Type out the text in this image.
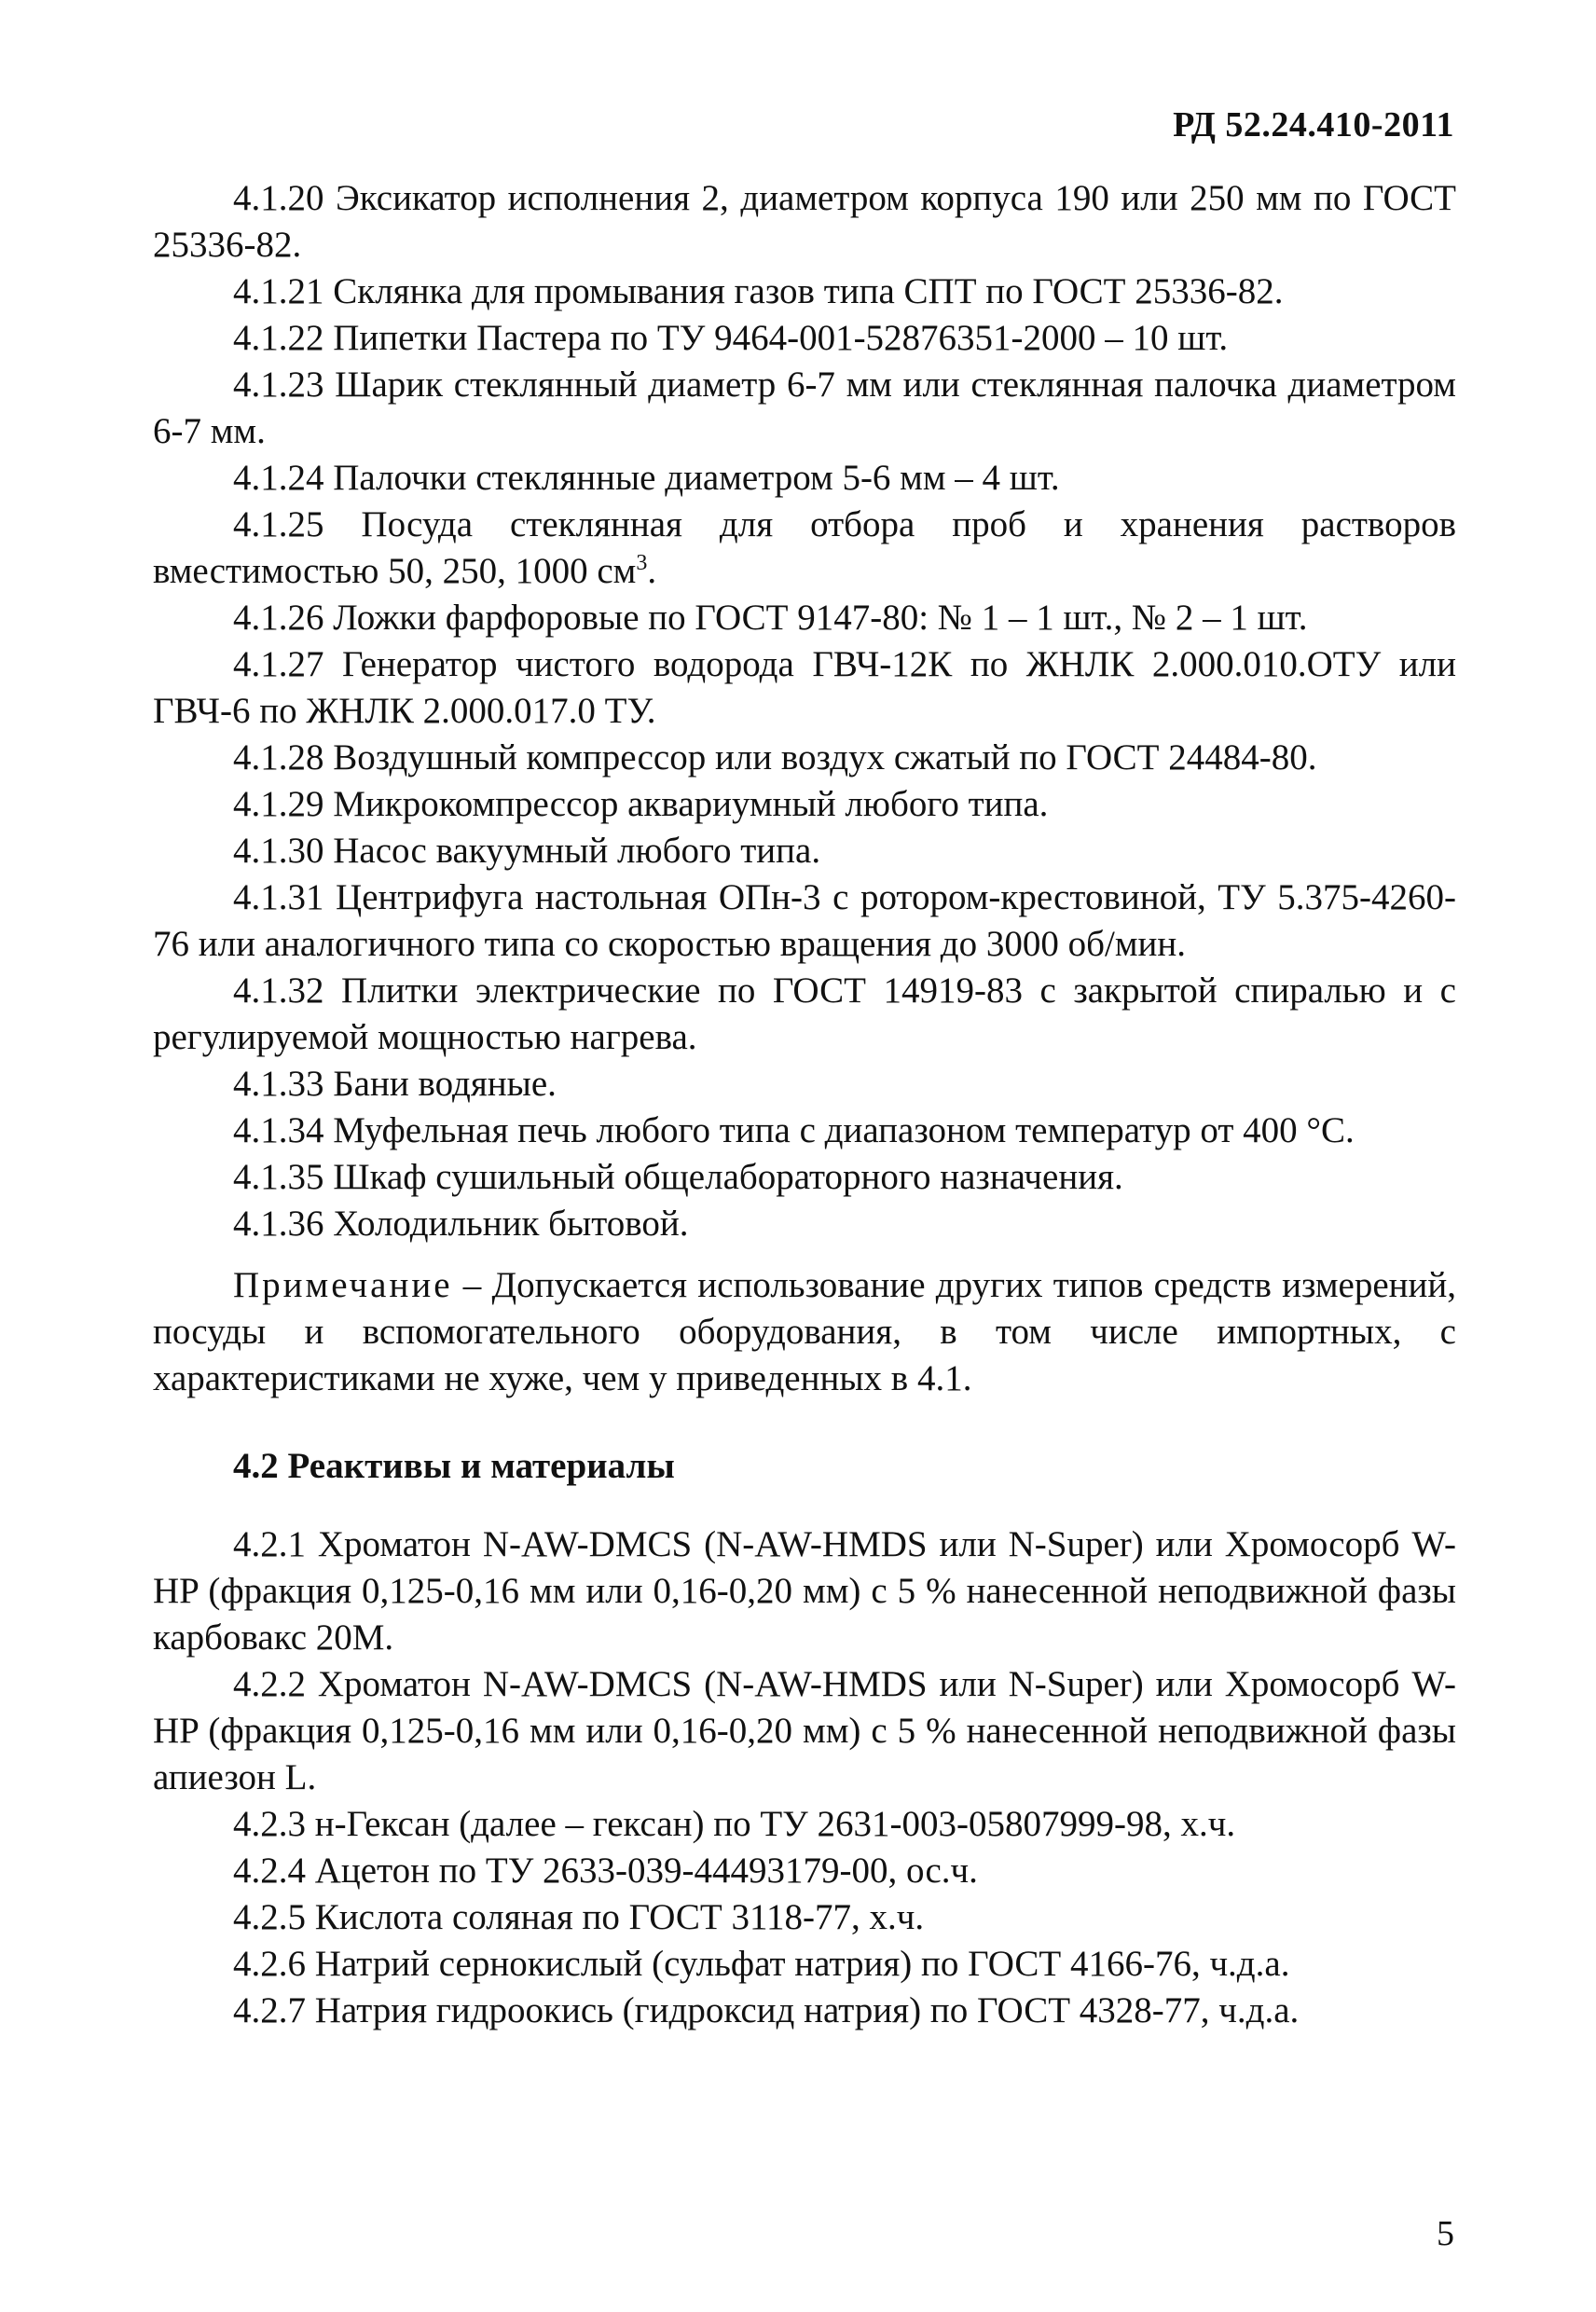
РД 52.24.410-2011

4.1.20 Эксикатор исполнения 2, диаметром корпуса 190 или 250 мм по ГОСТ 25336-82.

4.1.21 Склянка для промывания газов типа СПТ по ГОСТ 25336-82.

4.1.22 Пипетки Пастера по ТУ 9464-001-52876351-2000 – 10 шт.

4.1.23 Шарик стеклянный диаметр 6-7 мм или стеклянная палочка диаметром 6-7 мм.

4.1.24 Палочки стеклянные диаметром 5-6 мм – 4 шт.

4.1.25 Посуда стеклянная для отбора проб и хранения растворов вместимостью 50, 250, 1000 $см^3$.

4.1.26 Ложки фарфоровые по ГОСТ 9147-80: № 1 – 1 шт., № 2 – 1 шт.

4.1.27 Генератор чистого водорода ГВЧ-12К по ЖНЛК 2.000.010.ОТУ или ГВЧ-6 по ЖНЛК 2.000.017.0 ТУ.

4.1.28 Воздушный компрессор или воздух сжатый по ГОСТ 24484-80.

4.1.29 Микрокомпрессор аквариумный любого типа.

4.1.30 Насос вакуумный любого типа.

4.1.31 Центрифуга настольная ОПн-3 с ротором-крестовиной, ТУ 5.375-4260-76 или аналогичного типа со скоростью вращения до 3000 об/мин.

4.1.32 Плитки электрические по ГОСТ 14919-83 с закрытой спиралью и с регулируемой мощностью нагрева.

4.1.33 Бани водяные.

4.1.34 Муфельная печь любого типа с диапазоном температур от 400 °С.

4.1.35 Шкаф сушильный общелабораторного назначения.

4.1.36 Холодильник бытовой.

Примечание – Допускается использование других типов средств измерений, посуды и вспомогательного оборудования, в том числе импортных, с характеристиками не хуже, чем у приведенных в 4.1.

4.2 Реактивы и материалы

4.2.1 Хроматон N-AW-DMCS (N-AW-HMDS или N-Super) или Хромосорб W-HP (фракция 0,125-0,16 мм или 0,16-0,20 мм) с 5 % нанесенной неподвижной фазы карбовакс 20М.

4.2.2 Хроматон N-AW-DMCS (N-AW-HMDS или N-Super) или Хромосорб W-HP (фракция 0,125-0,16 мм или 0,16-0,20 мм) с 5 % нанесенной неподвижной фазы апиезон L.

4.2.3 н-Гексан (далее – гексан) по ТУ 2631-003-05807999-98, х.ч.

4.2.4 Ацетон по ТУ 2633-039-44493179-00, ос.ч.

4.2.5 Кислота соляная по ГОСТ 3118-77, х.ч.

4.2.6 Натрий сернокислый (сульфат натрия) по ГОСТ 4166-76, ч.д.а.

4.2.7 Натрия гидроокись (гидроксид натрия) по ГОСТ 4328-77, ч.д.а.

5
